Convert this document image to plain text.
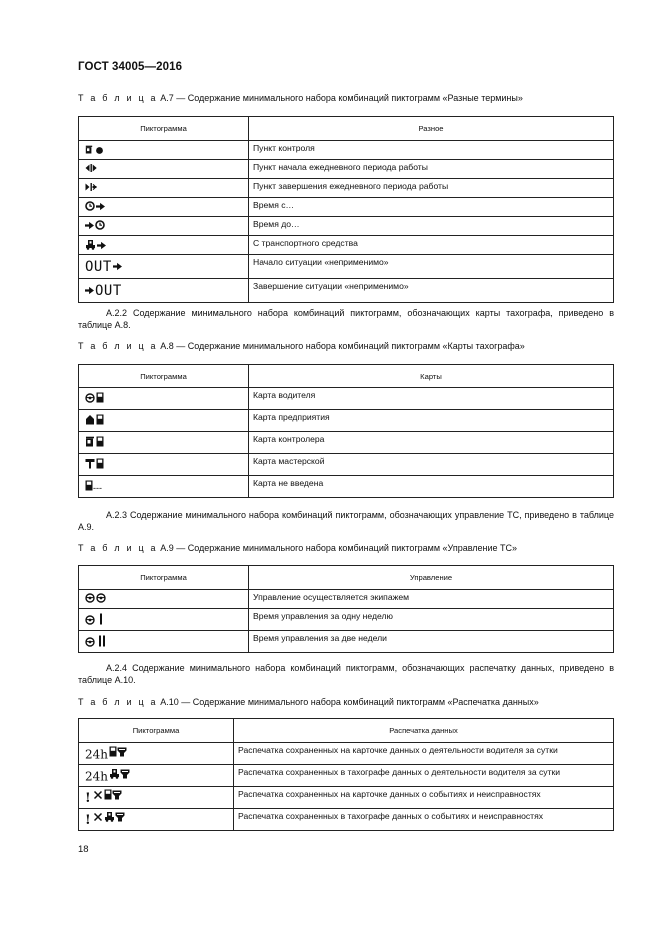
ГОСТ 34005—2016
Т а б л и ц а А.7 — Содержание минимального набора комбинаций пиктограмм «Разные термины»
Пиктограмма	Разное
	Пункт контроля
	Пункт начала ежедневного периода работы
	Пункт завершения ежедневного периода работы
	Время с…
	Время до…
	С транспортного средства
OUT	Начало ситуации «неприменимо»
OUT	Завершение ситуации «неприменимо»
А.2.2 Содержание минимального набора комбинаций пиктограмм, обозначающих карты тахографа, приведено в таблице А.8.
Т а б л и ц а А.8 — Содержание минимального набора комбинаций пиктограмм «Карты тахографа»
Пиктограмма	Карты
	Карта водителя
	Карта предприятия
	Карта контролера
	Карта мастерской
---	Карта не введена
А.2.3 Содержание минимального набора комбинаций пиктограмм, обозначающих управление ТС, приведено в таблице А.9.
Т а б л и ц а А.9 — Содержание минимального набора комбинаций пиктограмм «Управление ТС»
Пиктограмма	Управление
	Управление осуществляется экипажем
	Время управления за одну неделю
	Время управления за две недели
А.2.4 Содержание минимального набора комбинаций пиктограмм, обозначающих распечатку данных, приведено в таблице А.10.
Т а б л и ц а А.10 — Содержание минимального набора комбинаций пиктограмм «Распечатка данных»
Пиктограмма	Распечатка данных
24h	Распечатка сохраненных на карточке данных о деятельности водителя за сутки
24h	Распечатка сохраненных в тахографе данных о деятельности водителя за сутки
!	Распечатка сохраненных на карточке данных о событиях и неисправностях
!	Распечатка сохраненных в тахографе данных о событиях и неисправностях
18
